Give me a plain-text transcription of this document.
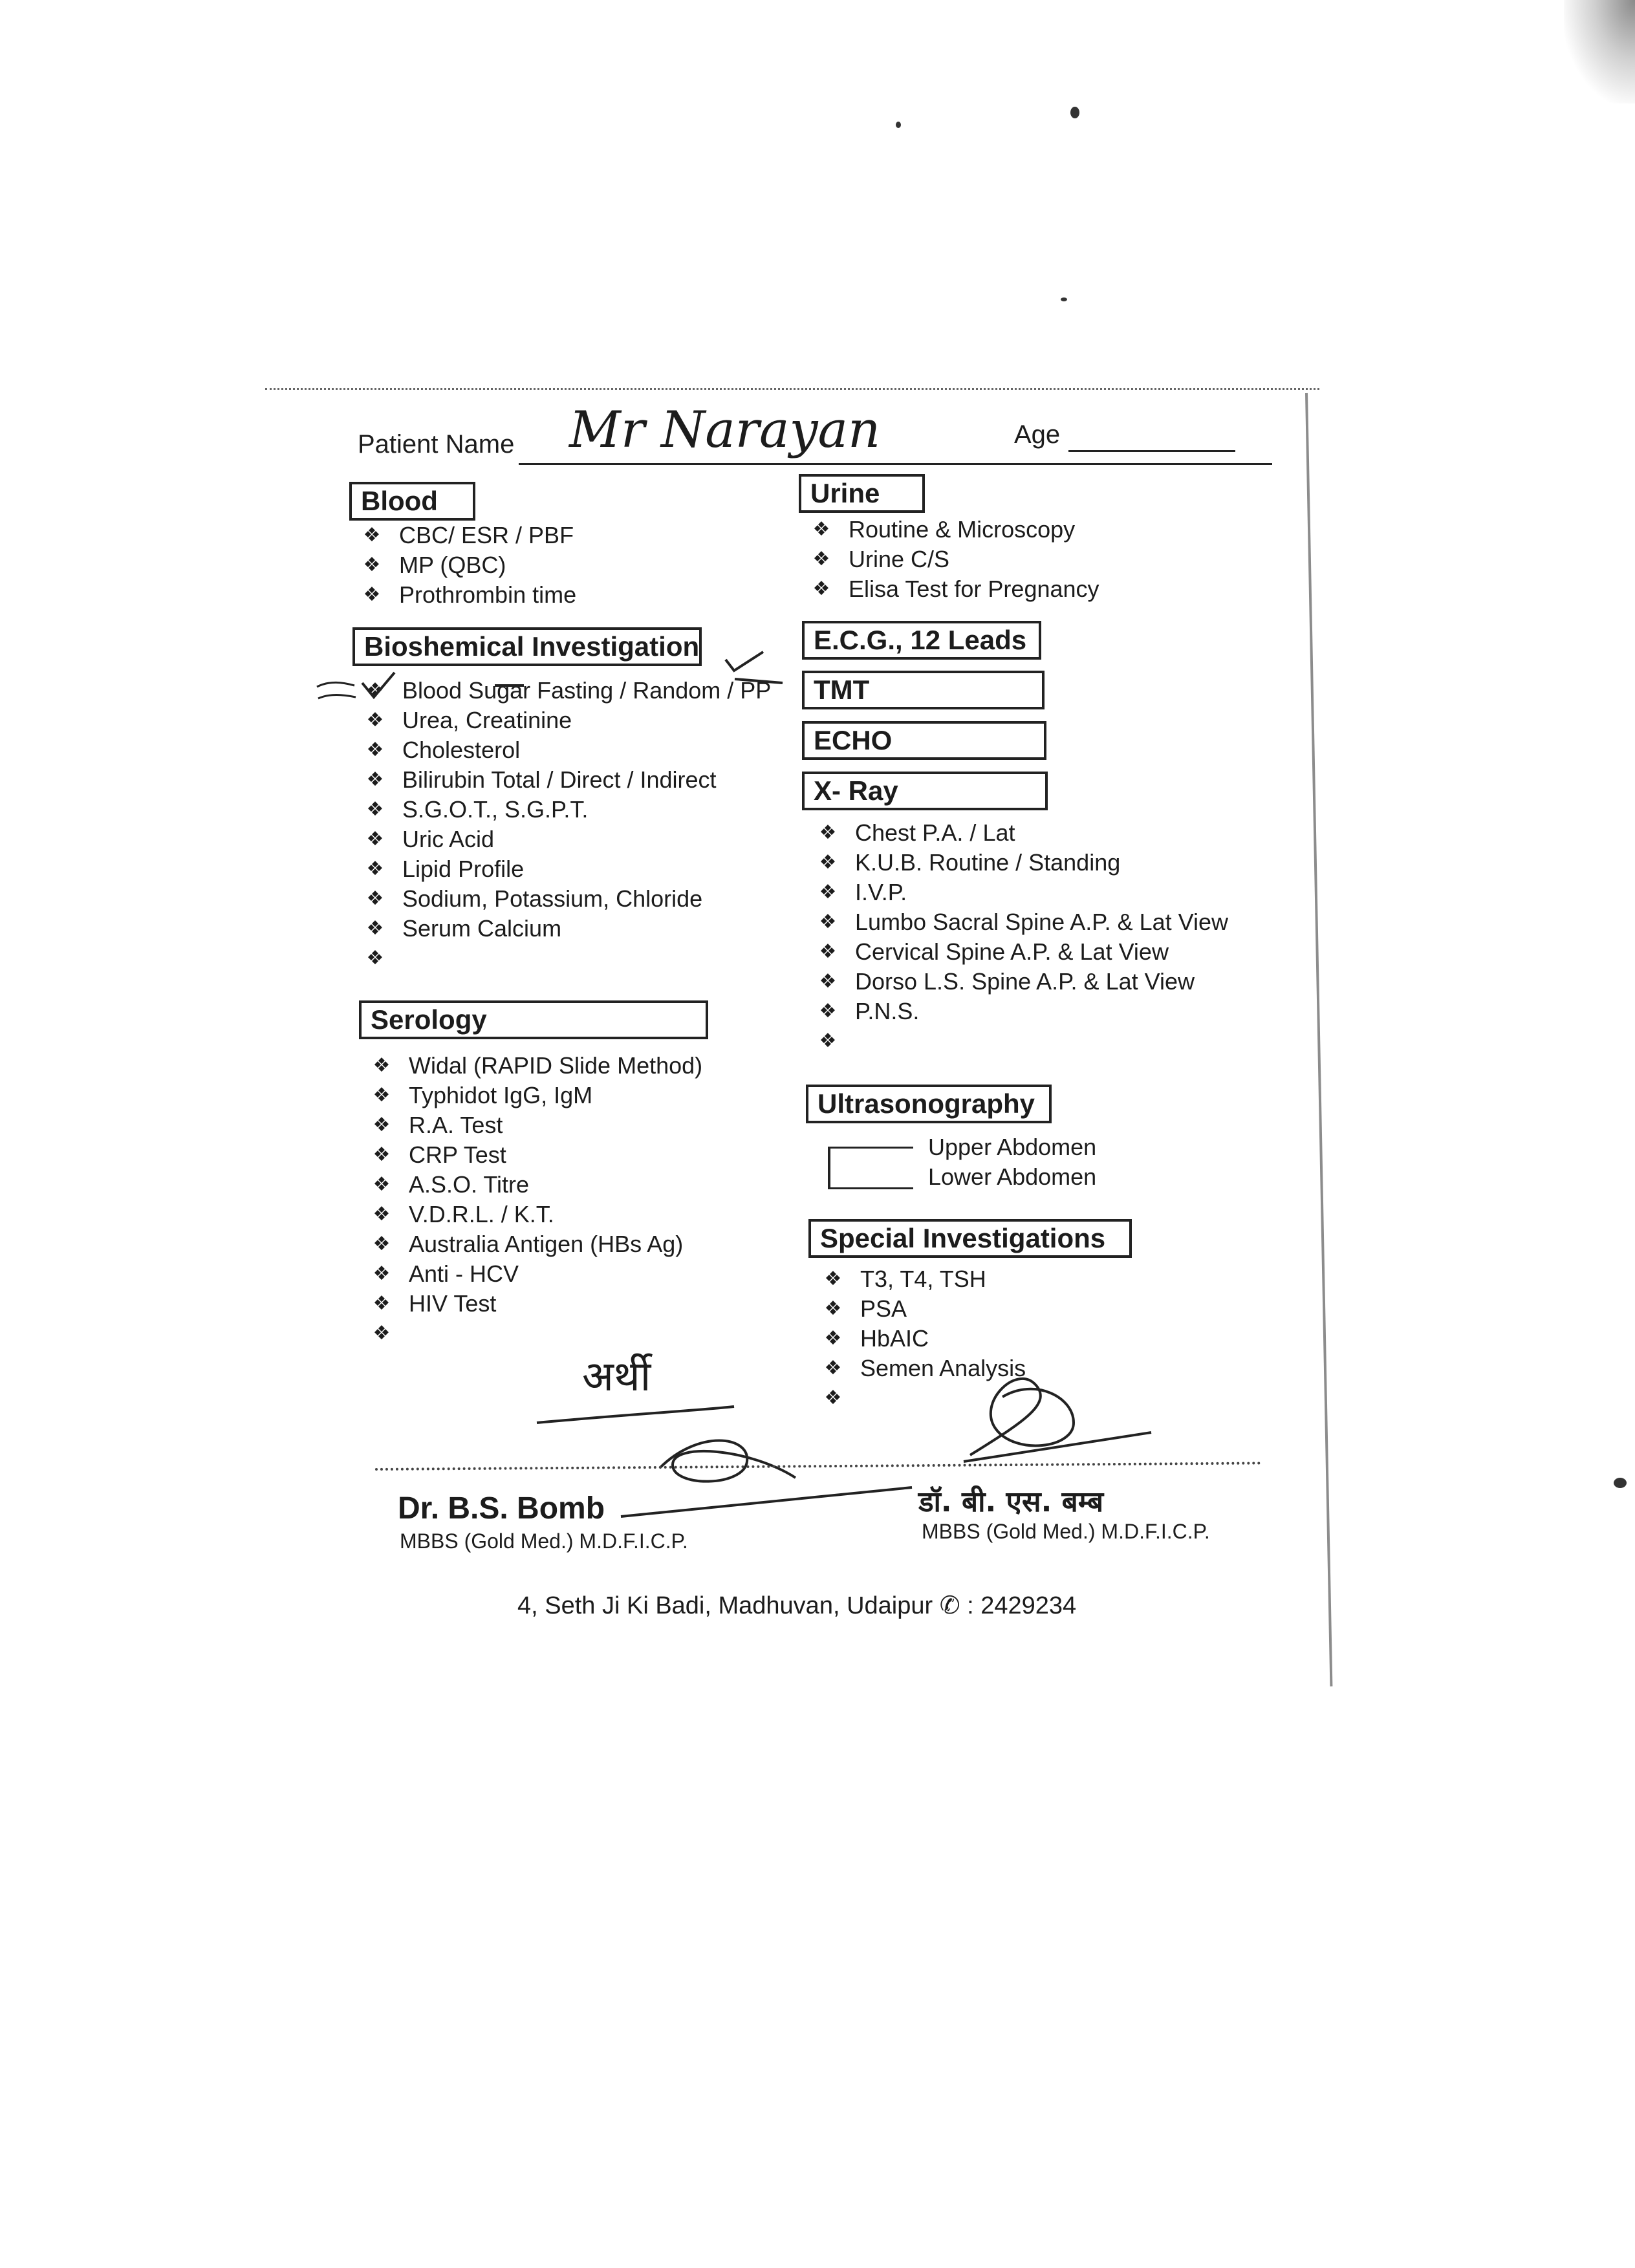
Patient Name Mr Narayan	Age
Blood
❖ CBC/ ESR / PBF
❖ MP (QBC)
❖ Prothrombin time
Bioshemical Investigation
❖ Blood Sugar Fasting / Random / PP
❖ Urea, Creatinine
❖ Cholesterol
❖ Bilirubin Total / Direct / Indirect
❖ S.G.O.T., S.G.P.T.
❖ Uric Acid
❖ Lipid Profile
❖ Sodium, Potassium, Chloride
❖ Serum Calcium
❖
Serology
❖ Widal (RAPID Slide Method)
❖ Typhidot IgG, IgM
❖ R.A. Test
❖ CRP Test
❖ A.S.O. Titre
❖ V.D.R.L. / K.T.
❖ Australia Antigen (HBs Ag)
❖ Anti - HCV
❖ HIV Test
❖
Urine
❖ Routine & Microscopy
❖ Urine C/S
❖ Elisa Test for Pregnancy
E.C.G., 12 Leads
TMT
ECHO
X- Ray
❖ Chest P.A. / Lat
❖ K.U.B. Routine / Standing
❖ I.V.P.
❖ Lumbo Sacral Spine A.P. & Lat View
❖ Cervical Spine A.P. & Lat View
❖ Dorso L.S. Spine A.P. & Lat View
❖ P.N.S.
❖
Ultrasonography
Upper Abdomen
Lower Abdomen
Special Investigations
❖ T3, T4, TSH
❖ PSA
❖ HbAIC
❖ Semen Analysis
❖
अर्थी
Dr. B.S. Bomb
MBBS (Gold Med.) M.D.F.I.C.P.
डॉ. बी. एस. बम्ब
MBBS (Gold Med.) M.D.F.I.C.P.
4, Seth Ji Ki Badi, Madhuvan, Udaipur ✆ : 2429234
